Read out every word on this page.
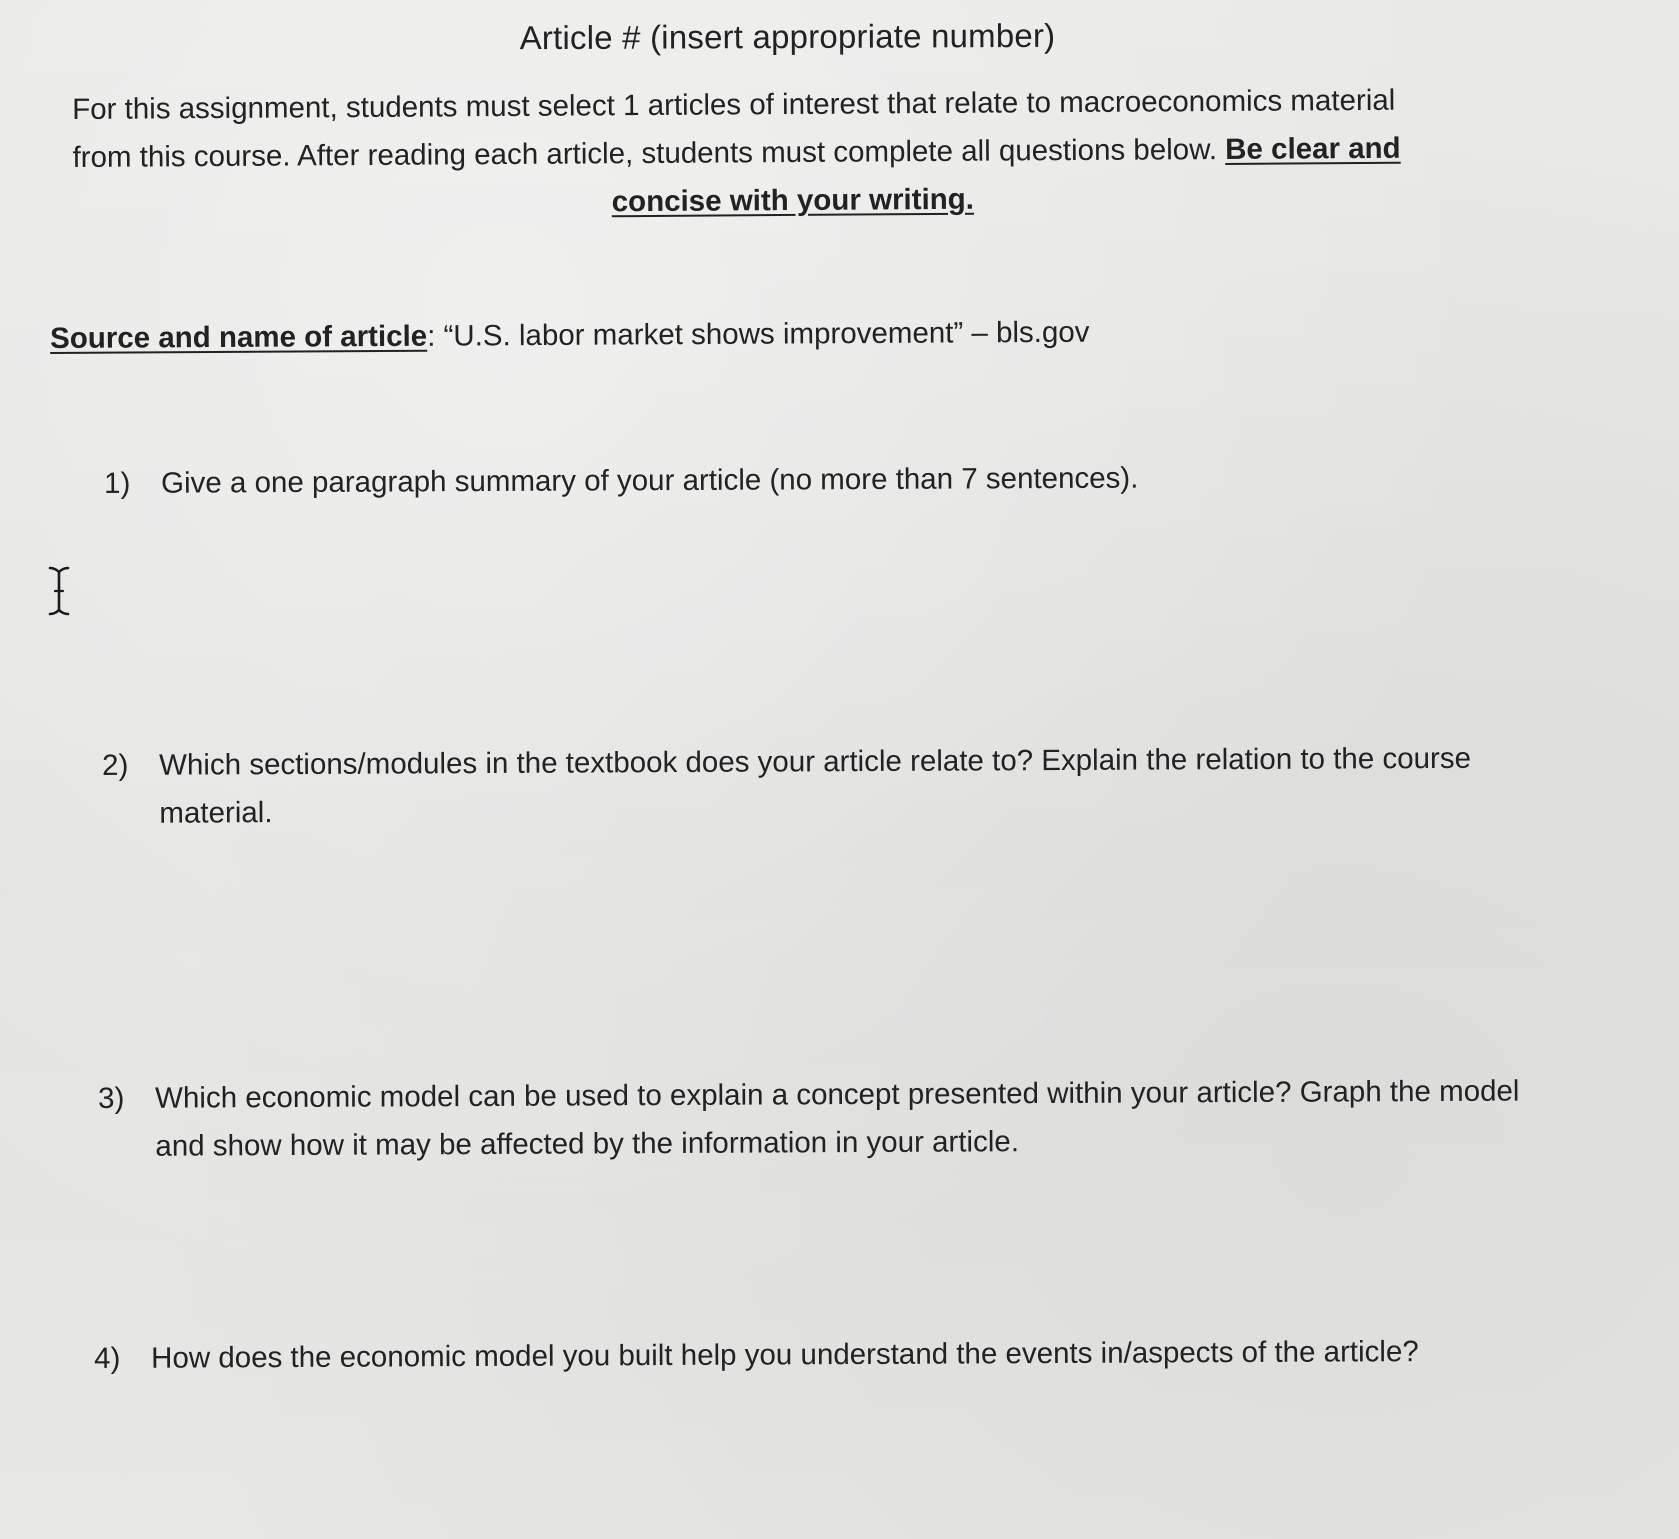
Article # (insert appropriate number)
For this assignment, students must select 1 articles of interest that relate to macroeconomics material
from this course. After reading each article, students must complete all questions below. Be clear and
concise with your writing.
Source and name of article: “U.S. labor market shows improvement” – bls.gov
1) Give a one paragraph summary of your article (no more than 7 sentences).
2) Which sections/modules in the textbook does your article relate to? Explain the relation to the course material.
3) Which economic model can be used to explain a concept presented within your article? Graph the model and show how it may be affected by the information in your article.
4) How does the economic model you built help you understand the events in/aspects of the article?
